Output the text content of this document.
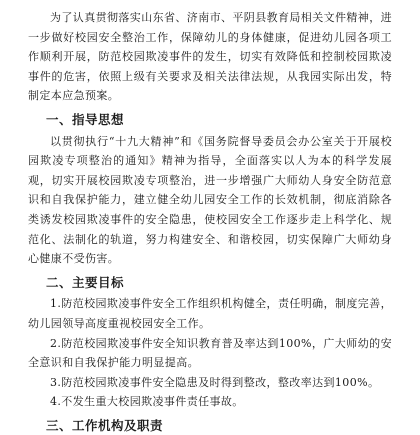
为了认真贯彻落实山东省、济南市、平阴县教育局相关文件精神，进一步做好校园安全整治工作，保障幼儿的身体健康，促进幼儿园各项工作顺利开展，防范校园欺凌事件的发生，切实有效降低和控制校园欺凌事件的危害，依照上级有关要求及相关法律法规，从我园实际出发，特制定本应急预案。

一、指导思想

以贯彻执行“十九大精神”和《国务院督导委员会办公室关于开展校园欺凌专项整治的通知》精神为指导，全面落实以人为本的科学发展观，切实开展校园欺凌专项整治，进一步增强广大师幼人身安全防范意识和自我保护能力，建立健全幼儿园安全工作的长效机制，彻底消除各类诱发校园欺凌事件的安全隐患，使校园安全工作逐步走上科学化、规范化、法制化的轨道，努力构建安全、和谐校园，切实保障广大师幼身心健康不受伤害。

二、主要目标

1.防范校园欺凌事件安全工作组织机构健全，责任明确，制度完善，幼儿园领导高度重视校园安全工作。

2.防范校园欺凌事件安全知识教育普及率达到100%，广大师幼的安全意识和自我保护能力明显提高。

3.防范校园欺凌事件安全隐患及时得到整改，整改率达到100%。

4.不发生重大校园欺凌事件责任事故。

三、工作机构及职责
